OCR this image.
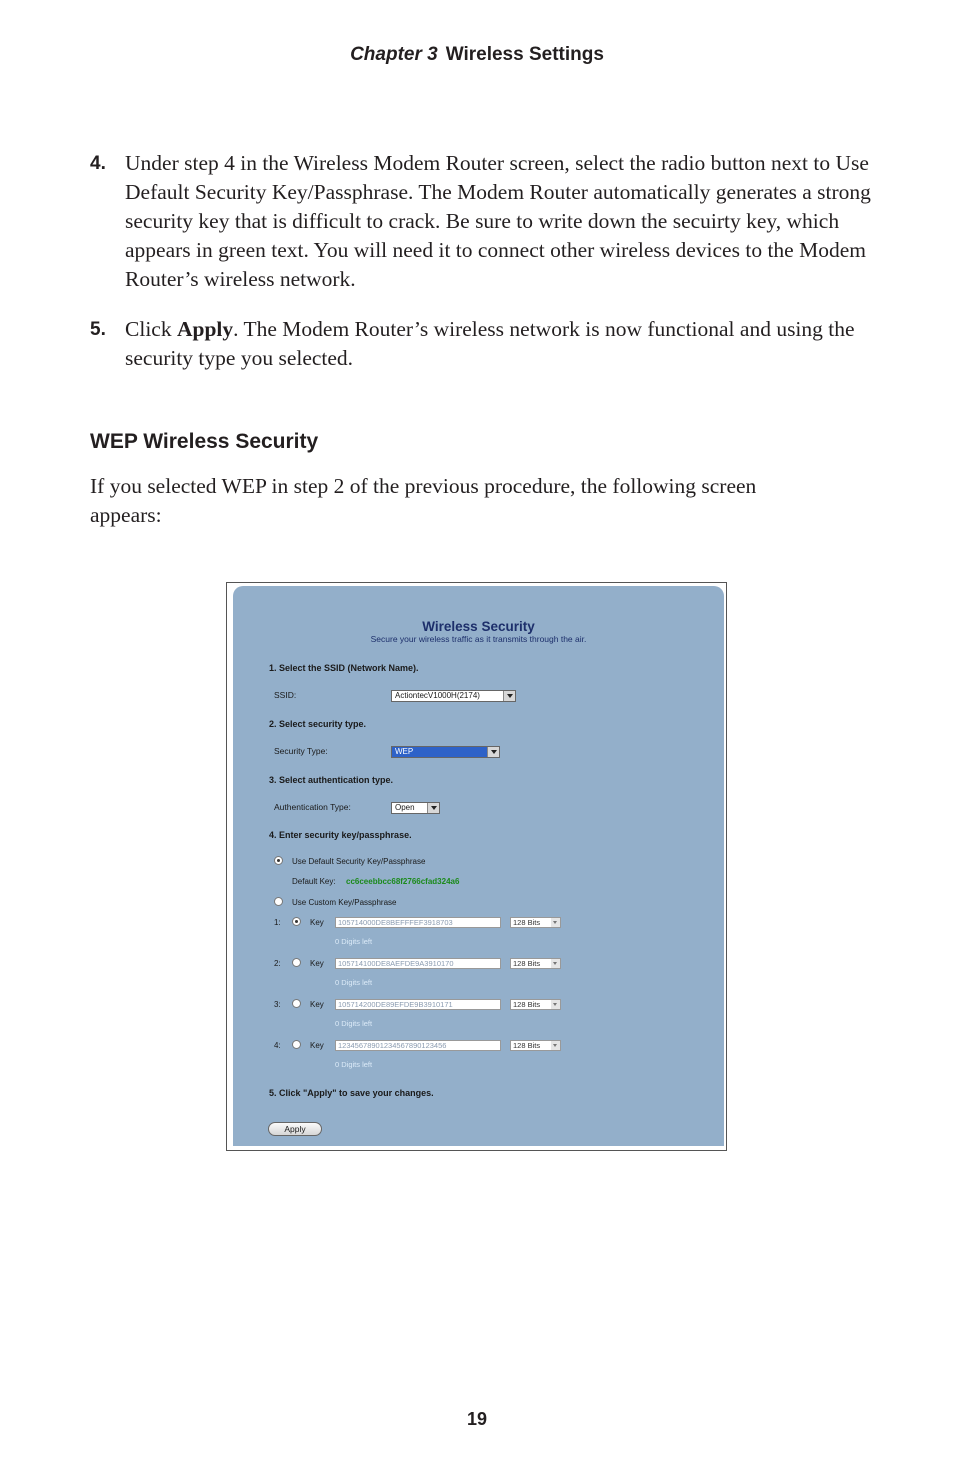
Chapter 3 Wireless Settings
4. Under step 4 in the Wireless Modem Router screen, select the radio button next to Use Default Security Key/Passphrase. The Modem Router automatically generates a strong security key that is difficult to crack. Be sure to write down the secuirty key, which appears in green text. You will need it to connect other wireless devices to the Modem Router’s wireless network.
5. Click Apply. The Modem Router’s wireless network is now functional and using the security type you selected.
WEP Wireless Security
If you selected WEP in step 2 of the previous procedure, the following screen appears:
Wireless Security
Secure your wireless traffic as it transmits through the air.
1. Select the SSID (Network Name).
SSID:	ActiontecV1000H(2174)
2. Select security type.
Security Type:	WEP
3. Select authentication type.
Authentication Type:	Open
4. Enter security key/passphrase.
Use Default Security Key/Passphrase
Default Key: cc6ceebbcc68f2766cfad324a6
Use Custom Key/Passphrase
1:	Key	105714000DE8BEFFFEF3918703	128 Bits
0 Digits left
2:	Key	105714100DE8AEFDE9A3910170	128 Bits
0 Digits left
3:	Key	105714200DE89EFDE9B3910171	128 Bits
0 Digits left
4:	Key	12345678901234567890123456	128 Bits
0 Digits left
5. Click "Apply" to save your changes.
Apply
19
